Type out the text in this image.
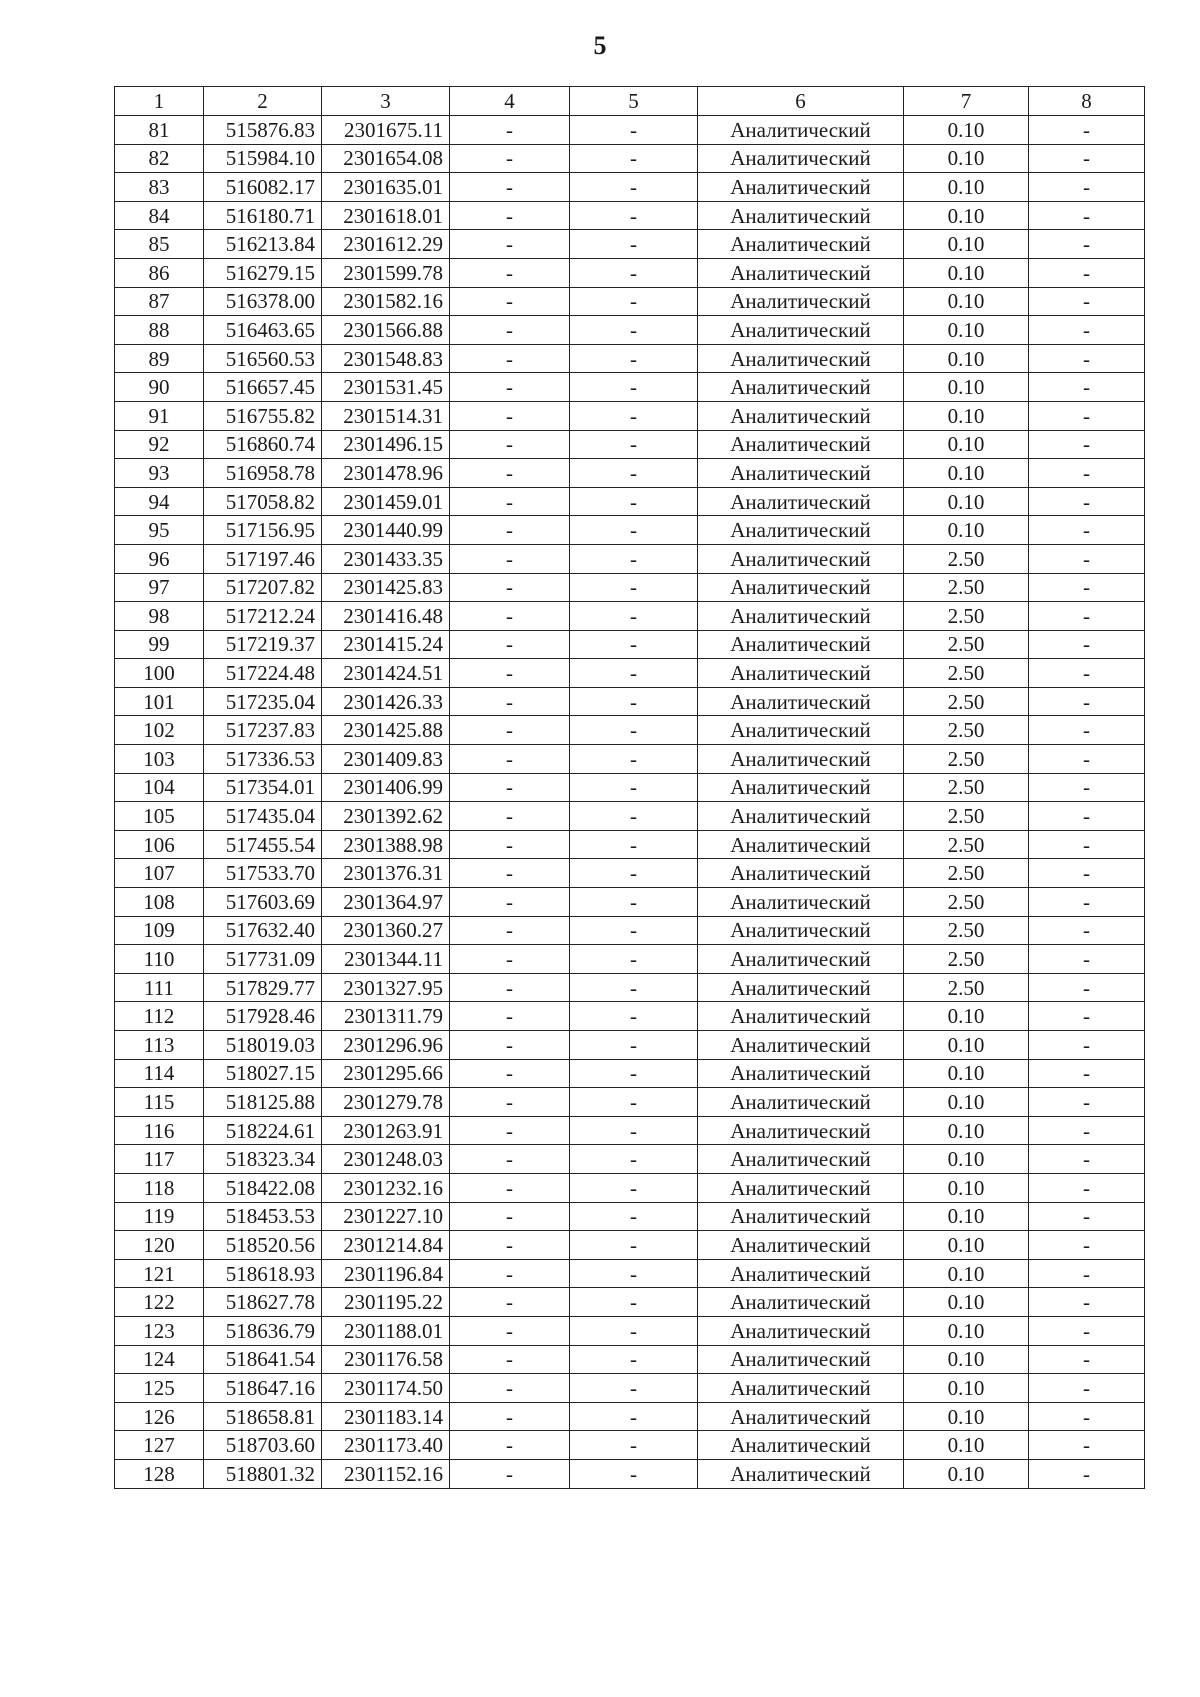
5
1	2	3	4	5	6	7	8
81	515876.83	2301675.11	-	-	Аналитический	0.10	-
82	515984.10	2301654.08	-	-	Аналитический	0.10	-
83	516082.17	2301635.01	-	-	Аналитический	0.10	-
84	516180.71	2301618.01	-	-	Аналитический	0.10	-
85	516213.84	2301612.29	-	-	Аналитический	0.10	-
86	516279.15	2301599.78	-	-	Аналитический	0.10	-
87	516378.00	2301582.16	-	-	Аналитический	0.10	-
88	516463.65	2301566.88	-	-	Аналитический	0.10	-
89	516560.53	2301548.83	-	-	Аналитический	0.10	-
90	516657.45	2301531.45	-	-	Аналитический	0.10	-
91	516755.82	2301514.31	-	-	Аналитический	0.10	-
92	516860.74	2301496.15	-	-	Аналитический	0.10	-
93	516958.78	2301478.96	-	-	Аналитический	0.10	-
94	517058.82	2301459.01	-	-	Аналитический	0.10	-
95	517156.95	2301440.99	-	-	Аналитический	0.10	-
96	517197.46	2301433.35	-	-	Аналитический	2.50	-
97	517207.82	2301425.83	-	-	Аналитический	2.50	-
98	517212.24	2301416.48	-	-	Аналитический	2.50	-
99	517219.37	2301415.24	-	-	Аналитический	2.50	-
100	517224.48	2301424.51	-	-	Аналитический	2.50	-
101	517235.04	2301426.33	-	-	Аналитический	2.50	-
102	517237.83	2301425.88	-	-	Аналитический	2.50	-
103	517336.53	2301409.83	-	-	Аналитический	2.50	-
104	517354.01	2301406.99	-	-	Аналитический	2.50	-
105	517435.04	2301392.62	-	-	Аналитический	2.50	-
106	517455.54	2301388.98	-	-	Аналитический	2.50	-
107	517533.70	2301376.31	-	-	Аналитический	2.50	-
108	517603.69	2301364.97	-	-	Аналитический	2.50	-
109	517632.40	2301360.27	-	-	Аналитический	2.50	-
110	517731.09	2301344.11	-	-	Аналитический	2.50	-
111	517829.77	2301327.95	-	-	Аналитический	2.50	-
112	517928.46	2301311.79	-	-	Аналитический	0.10	-
113	518019.03	2301296.96	-	-	Аналитический	0.10	-
114	518027.15	2301295.66	-	-	Аналитический	0.10	-
115	518125.88	2301279.78	-	-	Аналитический	0.10	-
116	518224.61	2301263.91	-	-	Аналитический	0.10	-
117	518323.34	2301248.03	-	-	Аналитический	0.10	-
118	518422.08	2301232.16	-	-	Аналитический	0.10	-
119	518453.53	2301227.10	-	-	Аналитический	0.10	-
120	518520.56	2301214.84	-	-	Аналитический	0.10	-
121	518618.93	2301196.84	-	-	Аналитический	0.10	-
122	518627.78	2301195.22	-	-	Аналитический	0.10	-
123	518636.79	2301188.01	-	-	Аналитический	0.10	-
124	518641.54	2301176.58	-	-	Аналитический	0.10	-
125	518647.16	2301174.50	-	-	Аналитический	0.10	-
126	518658.81	2301183.14	-	-	Аналитический	0.10	-
127	518703.60	2301173.40	-	-	Аналитический	0.10	-
128	518801.32	2301152.16	-	-	Аналитический	0.10	-
